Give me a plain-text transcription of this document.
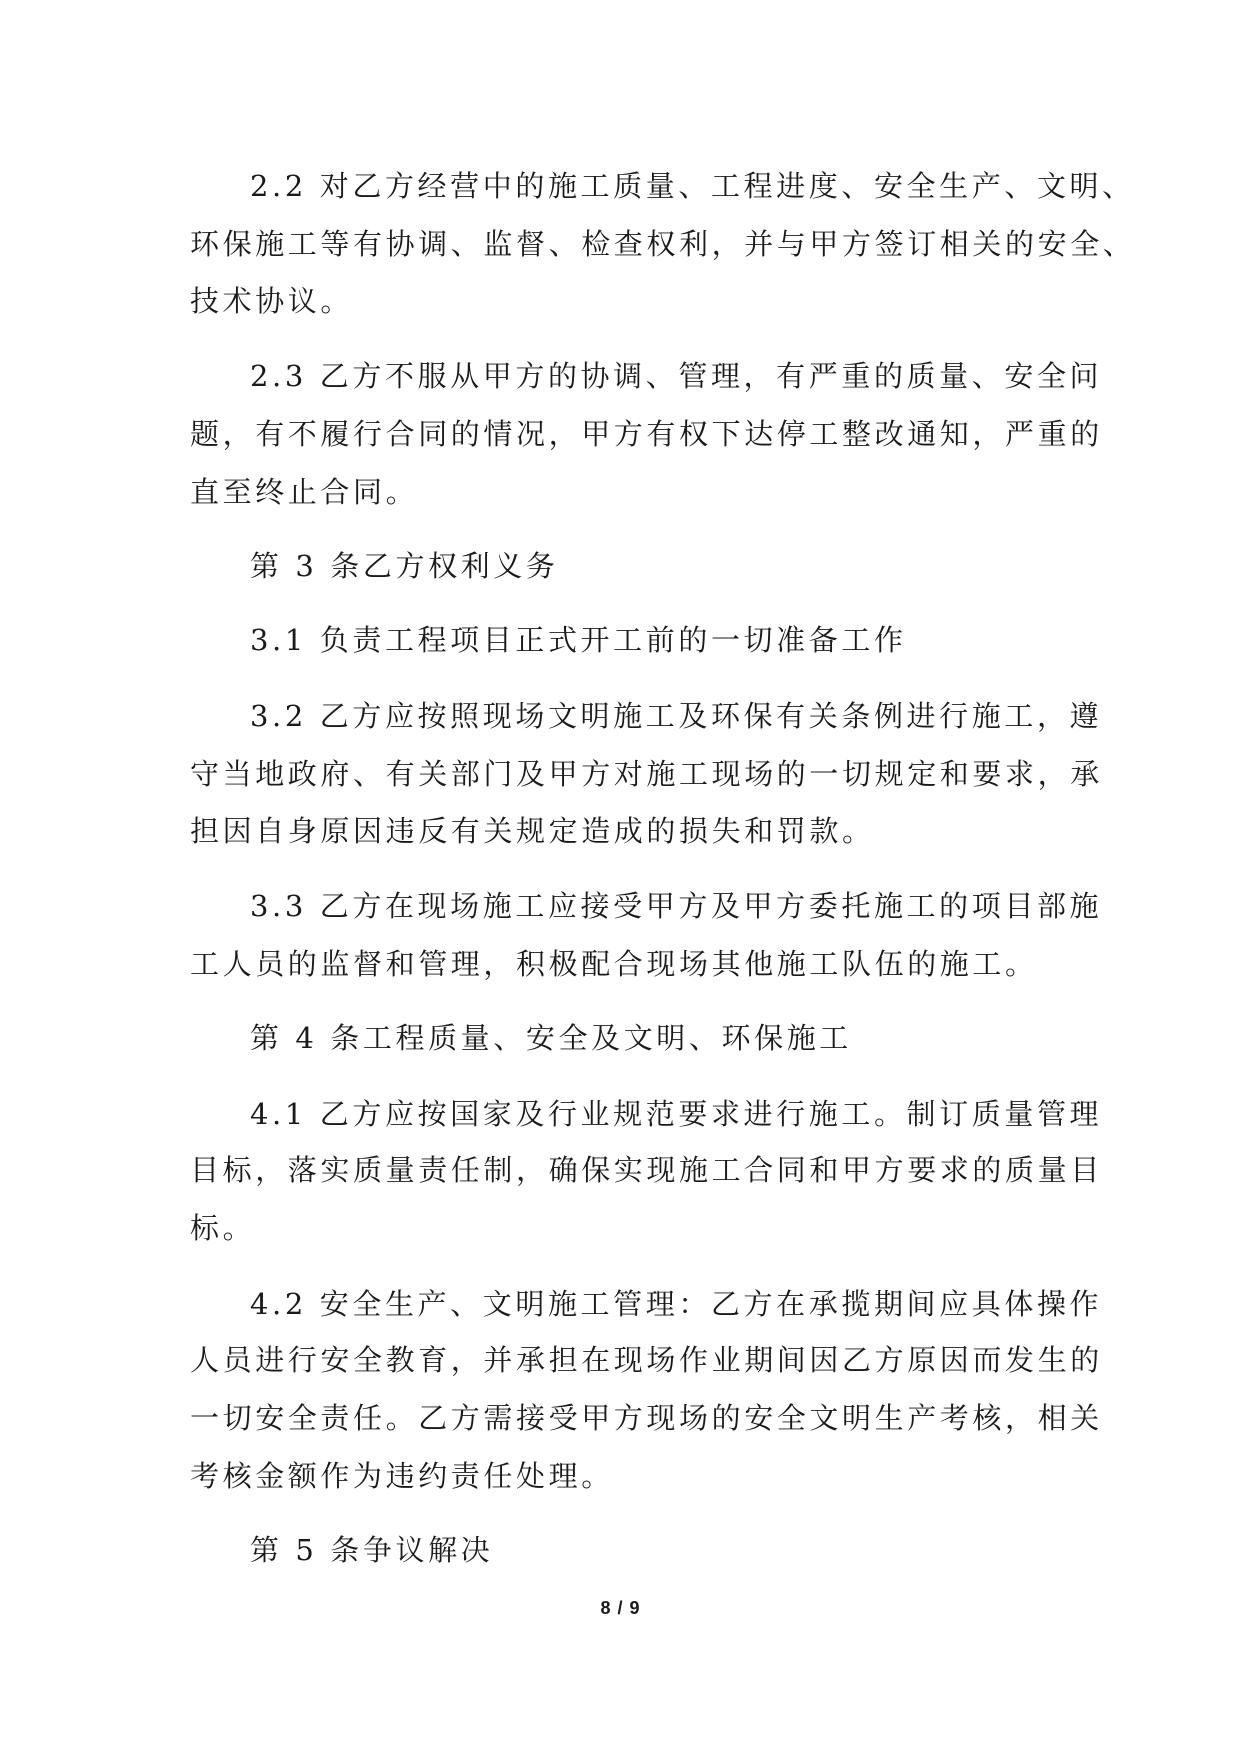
2.2 对乙方经营中的施工质量、工程进度、安全生产、文明、
环保施工等有协调、监督、检查权利，并与甲方签订相关的安全、
技术协议。
2.3 乙方不服从甲方的协调、管理，有严重的质量、安全问
题，有不履行合同的情况，甲方有权下达停工整改通知，严重的
直至终止合同。
第 3 条乙方权利义务
3.1 负责工程项目正式开工前的一切准备工作
3.2 乙方应按照现场文明施工及环保有关条例进行施工，遵
守当地政府、有关部门及甲方对施工现场的一切规定和要求，承
担因自身原因违反有关规定造成的损失和罚款。
3.3 乙方在现场施工应接受甲方及甲方委托施工的项目部施
工人员的监督和管理，积极配合现场其他施工队伍的施工。
第 4 条工程质量、安全及文明、环保施工
4.1 乙方应按国家及行业规范要求进行施工。制订质量管理
目标，落实质量责任制，确保实现施工合同和甲方要求的质量目
标。
4.2 安全生产、文明施工管理：乙方在承揽期间应具体操作
人员进行安全教育，并承担在现场作业期间因乙方原因而发生的
一切安全责任。乙方需接受甲方现场的安全文明生产考核，相关
考核金额作为违约责任处理。
第 5 条争议解决
8 / 9
